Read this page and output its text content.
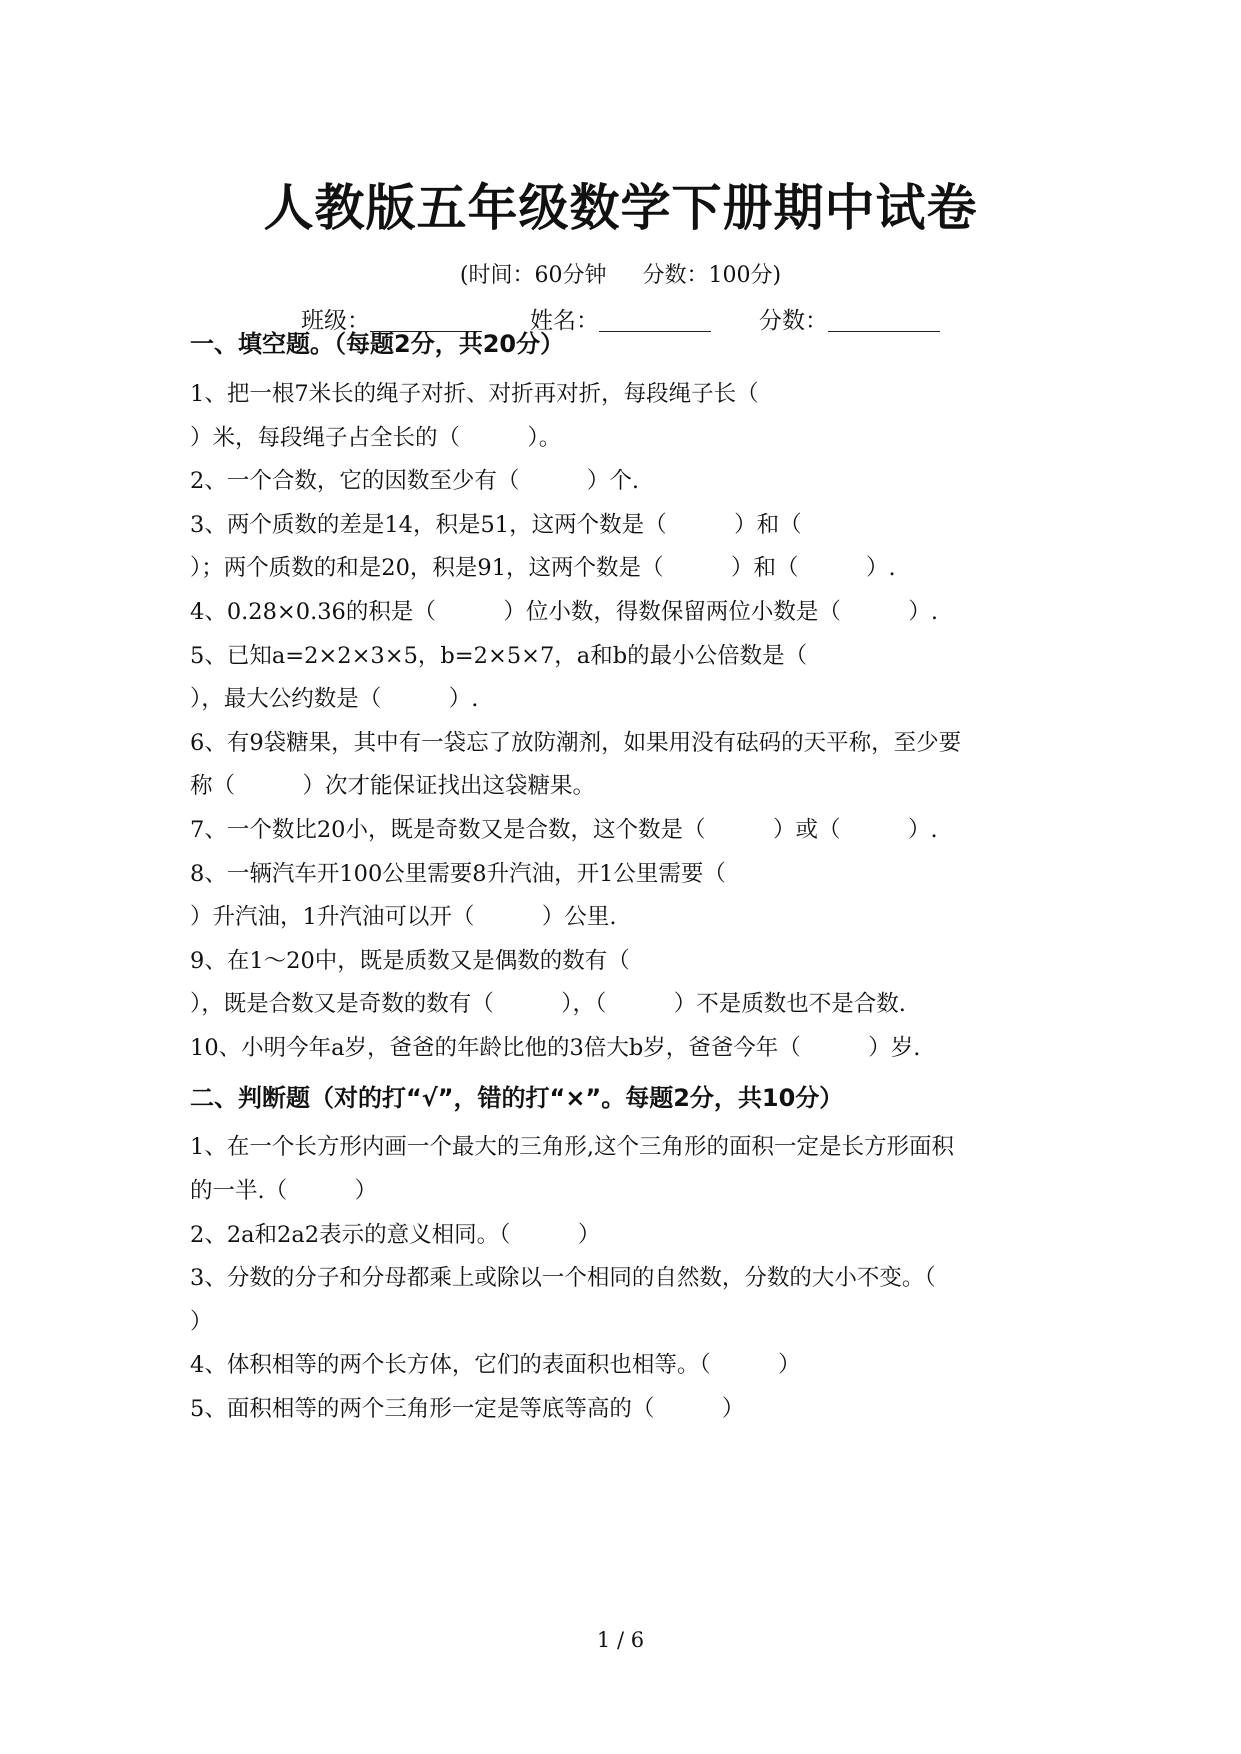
人教版五年级数学下册期中试卷
(时间：60分钟 分数：100分)
班级：	姓名：	分数：
一、填空题。（每题2分，共20分）
1、把一根7米长的绳子对折、对折再对折，每段绳子长（
）米，每段绳子占全长的（　　　）。
2、一个合数，它的因数至少有（　　　）个.
3、两个质数的差是14，积是51，这两个数是（　　　）和（
）；两个质数的和是20，积是91，这两个数是（　　　）和（　　　）.
4、0.28×0.36的积是（　　　）位小数，得数保留两位小数是（　　　）.
5、已知a=2×2×3×5，b=2×5×7，a和b的最小公倍数是（
），最大公约数是（　　　）.
6、有9袋糖果，其中有一袋忘了放防潮剂，如果用没有砝码的天平称，至少要
称（　　　）次才能保证找出这袋糖果。
7、一个数比20小，既是奇数又是合数，这个数是（　　　）或（　　　）.
8、一辆汽车开100公里需要8升汽油，开1公里需要（
）升汽油，1升汽油可以开（　　　）公里.
9、在1～20中，既是质数又是偶数的数有（
），既是合数又是奇数的数有（　　　），（　　　）不是质数也不是合数.
10、小明今年a岁，爸爸的年龄比他的3倍大b岁，爸爸今年（　　　）岁.
二、判断题（对的打“√”，错的打“×”。每题2分，共10分）
1、在一个长方形内画一个最大的三角形,这个三角形的面积一定是长方形面积
的一半.（　　　）
2、2a和2a2表示的意义相同。（　　　）
3、分数的分子和分母都乘上或除以一个相同的自然数，分数的大小不变。（
）
4、体积相等的两个长方体，它们的表面积也相等。（　　　）
5、面积相等的两个三角形一定是等底等高的（　　　）
1 / 6
